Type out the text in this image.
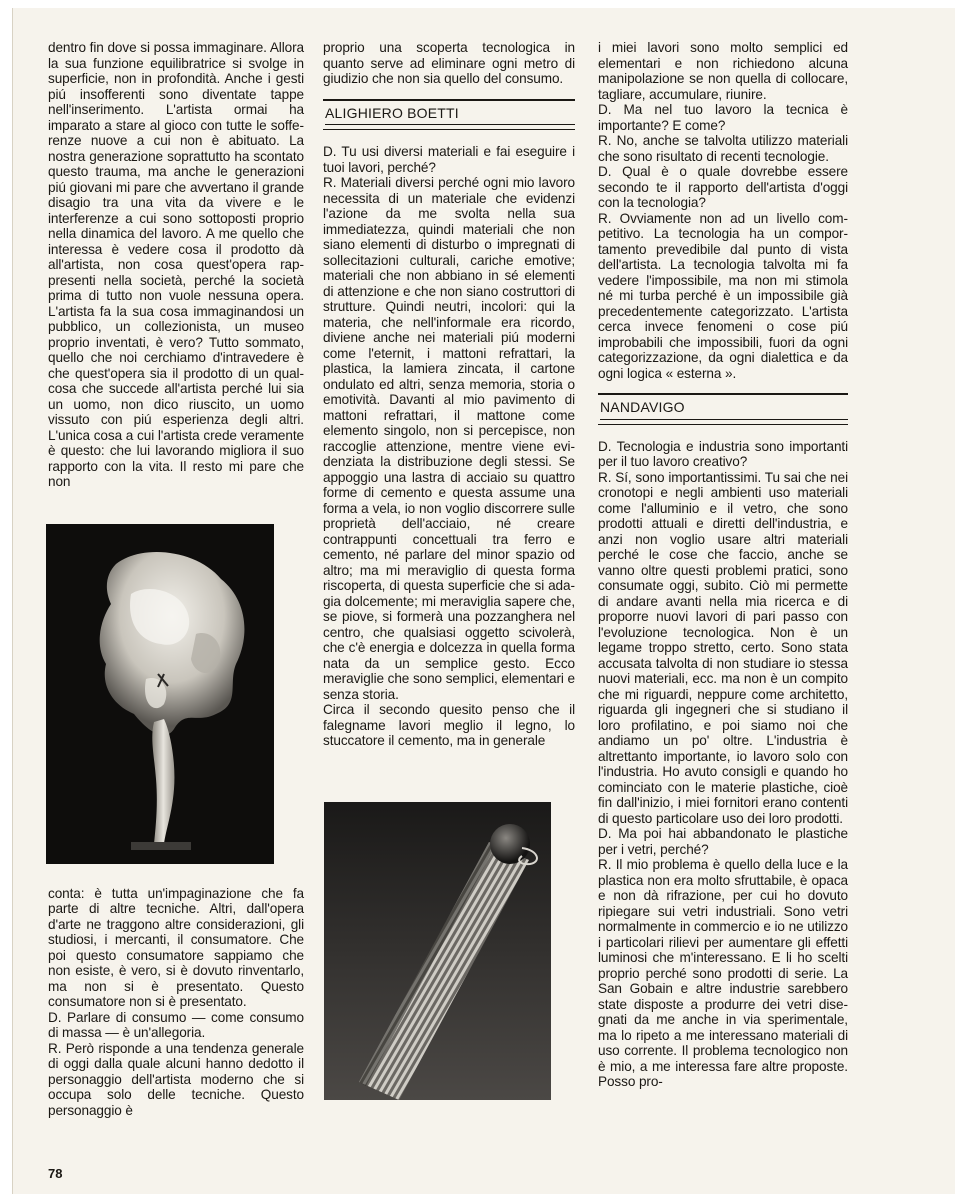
dentro fin dove si possa immaginare. Allora la sua funzione equilibratrice si svolge in superficie, non in profondità. Anche i gesti piú insofferenti sono diventate tappe nell'inserimento. L'artista ormai ha imparato a stare al gioco con tutte le sofferenze nuove a cui non è abituato. La nostra generazione soprattutto ha scontato questo trauma, ma anche le generazioni piú giovani mi pare che avvertano il grande disagio tra una vita da vivere e le interferenze a cui sono sottoposti proprio nella dinamica del lavoro. A me quello che interessa è vedere cosa il prodotto dà all'artista, non cosa quest'opera rappresenti nella società, perché la società prima di tutto non vuole nessuna opera. L'artista fa la sua cosa immaginandosi un pubblico, un collezionista, un museo proprio inventati, è vero? Tutto sommato, quello che noi cerchiamo d'intravedere è che quest'opera sia il prodotto di un qualcosa che succede all'artista perché lui sia un uomo, non dico riuscito, un uomo vissuto con piú esperienza degli altri. L'unica cosa a cui l'artista crede veramente è questo: che lui lavorando migliora il suo rapporto con la vita. Il resto mi pare che non

conta: è tutta un'impaginazione che fa parte di altre tecniche. Altri, dall'opera d'arte ne traggono altre considerazioni, gli studiosi, i mercanti, il consumatore. Che poi questo consumatore sappiamo che non esiste, è vero, si è dovuto rinventarlo, ma non si è presentato. Questo consumatore non si è presentato.

D. Parlare di consumo — come consumo di massa — è un'allegoria.

R. Però risponde a una tendenza generale di oggi dalla quale alcuni hanno dedotto il personaggio dell'artista moderno che si occupa solo delle tecniche. Questo personaggio è

proprio una scoperta tecnologica in quanto serve ad eliminare ogni metro di giudizio che non sia quello del consumo.

ALIGHIERO BOETTI

D. Tu usi diversi materiali e fai eseguire i tuoi lavori, perché?

R. Materiali diversi perché ogni mio lavoro necessita di un materiale che evidenzi l'azione da me svolta nella sua immediatezza, quindi materiali che non siano elementi di disturbo o impregnati di sollecitazioni culturali, cariche emotive; materiali che non abbiano in sé elementi di attenzione e che non siano costruttori di strutture. Quindi neutri, incolori: qui la materia, che nell'informale era ricordo, diviene anche nei materiali piú moderni come l'eternit, i mattoni refrattari, la plastica, la lamiera zincata, il cartone ondulato ed altri, senza memoria, storia o emotività. Davanti al mio pavimento di mattoni refrattari, il mattone come elemento singolo, non si percepisce, non raccoglie attenzione, mentre viene evidenziata la distribuzione degli stessi. Se appoggio una lastra di acciaio su quattro forme di cemento e questa assume una forma a vela, io non voglio discorrere sulle proprietà dell'acciaio, né creare contrappunti concettuali tra ferro e cemento, né parlare del minor spazio od altro; ma mi meraviglio di questa forma riscoperta, di questa superficie che si adagia dolcemente; mi meraviglia sapere che, se piove, si formerà una pozzanghera nel centro, che qualsiasi oggetto scivolerà, che c'è energia e dolcezza in quella forma nata da un semplice gesto. Ecco meraviglie che sono semplici, elementari e senza storia.

Circa il secondo quesito penso che il falegname lavori meglio il legno, lo stuccatore il cemento, ma in generale

i miei lavori sono molto semplici ed elementari e non richiedono alcuna manipolazione se non quella di collocare, tagliare, accumulare, riunire.

D. Ma nel tuo lavoro la tecnica è importante? E come?

R. No, anche se talvolta utilizzo materiali che sono risultato di recenti tecnologie.

D. Qual è o quale dovrebbe essere secondo te il rapporto dell'artista d'oggi con la tecnologia?

R. Ovviamente non ad un livello competitivo. La tecnologia ha un comportamento prevedibile dal punto di vista dell'artista. La tecnologia talvolta mi fa vedere l'impossibile, ma non mi stimola né mi turba perché è un impossibile già precedentemente categorizzato. L'artista cerca invece fenomeni o cose piú improbabili che impossibili, fuori da ogni categorizzazione, da ogni dialettica e da ogni logica « esterna ».

NANDAVIGO

D. Tecnologia e industria sono importanti per il tuo lavoro creativo?

R. Sí, sono importantissimi. Tu sai che nei cronotopi e negli ambienti uso materiali come l'alluminio e il vetro, che sono prodotti attuali e diretti dell'industria, e anzi non voglio usare altri materiali perché le cose che faccio, anche se vanno oltre questi problemi pratici, sono consumate oggi, subito. Ciò mi permette di andare avanti nella mia ricerca e di proporre nuovi lavori di pari passo con l'evoluzione tecnologica. Non è un legame troppo stretto, certo. Sono stata accusata talvolta di non studiare io stessa nuovi materiali, ecc. ma non è un compito che mi riguardi, neppure come architetto, riguarda gli ingegneri che si studiano il loro profilatino, e poi siamo noi che andiamo un po' oltre. L'industria è altrettanto importante, io lavoro solo con l'industria. Ho avuto consigli e quando ho cominciato con le materie plastiche, cioè fin dall'inizio, i miei fornitori erano contenti di questo particolare uso dei loro prodotti.

D. Ma poi hai abbandonato le plastiche per i vetri, perché?

R. Il mio problema è quello della luce e la plastica non era molto sfruttabile, è opaca e non dà rifrazione, per cui ho dovuto ripiegare sui vetri industriali. Sono vetri normalmente in commercio e io ne utilizzo i particolari rilievi per aumentare gli effetti luminosi che m'interessano. E li ho scelti proprio perché sono prodotti di serie. La San Gobain e altre industrie sarebbero state disposte a produrre dei vetri disegnati da me anche in via sperimentale, ma lo ripeto a me interessano materiali di uso corrente. Il problema tecnologico non è mio, a me interessa fare altre proposte. Posso pro-

78
